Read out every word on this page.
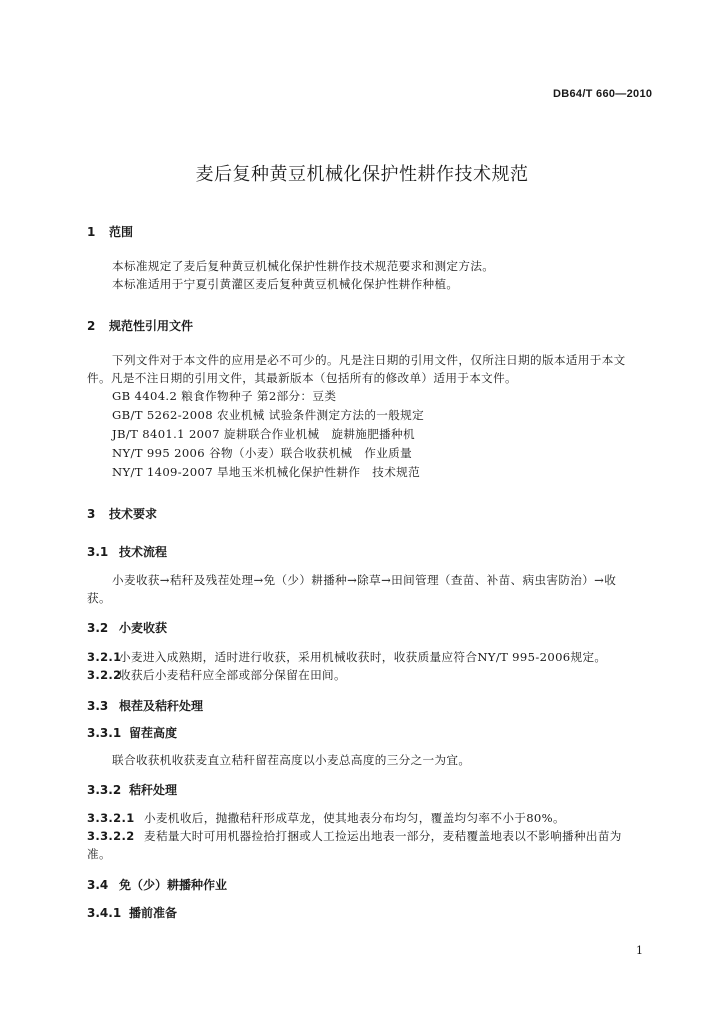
DB64/T 660—2010
麦后复种黄豆机械化保护性耕作技术规范
1 范围
本标准规定了麦后复种黄豆机械化保护性耕作技术规范要求和测定方法。
本标准适用于宁夏引黄灌区麦后复种黄豆机械化保护性耕作种植。
2 规范性引用文件
下列文件对于本文件的应用是必不可少的。凡是注日期的引用文件，仅所注日期的版本适用于本文
件。凡是不注日期的引用文件，其最新版本（包括所有的修改单）适用于本文件。
GB 4404.2 粮食作物种子 第2部分：豆类
GB/T 5262-2008 农业机械 试验条件测定方法的一般规定
JB/T 8401.1 2007 旋耕联合作业机械　旋耕施肥播种机
NY/T 995 2006 谷物（小麦）联合收获机械　作业质量
NY/T 1409-2007 旱地玉米机械化保护性耕作　技术规范
3 技术要求
3.1 技术流程
小麦收获→秸秆及残茬处理→免（少）耕播种→除草→田间管理（查苗、补苗、病虫害防治）→收
获。
3.2 小麦收获
3.2.1小麦进入成熟期，适时进行收获，采用机械收获时，收获质量应符合NY/T 995-2006规定。
3.2.2收获后小麦秸秆应全部或部分保留在田间。
3.3 根茬及秸秆处理
3.3.1 留茬高度
联合收获机收获麦直立秸秆留茬高度以小麦总高度的三分之一为宜。
3.3.2 秸秆处理
3.3.2.1 小麦机收后，抛撒秸秆形成草龙，使其地表分布均匀，覆盖均匀率不小于80%。
3.3.2.2 麦秸量大时可用机器捡拾打捆或人工捡运出地表一部分，麦秸覆盖地表以不影响播种出苗为
准。
3.4 免（少）耕播种作业
3.4.1 播前准备
1
